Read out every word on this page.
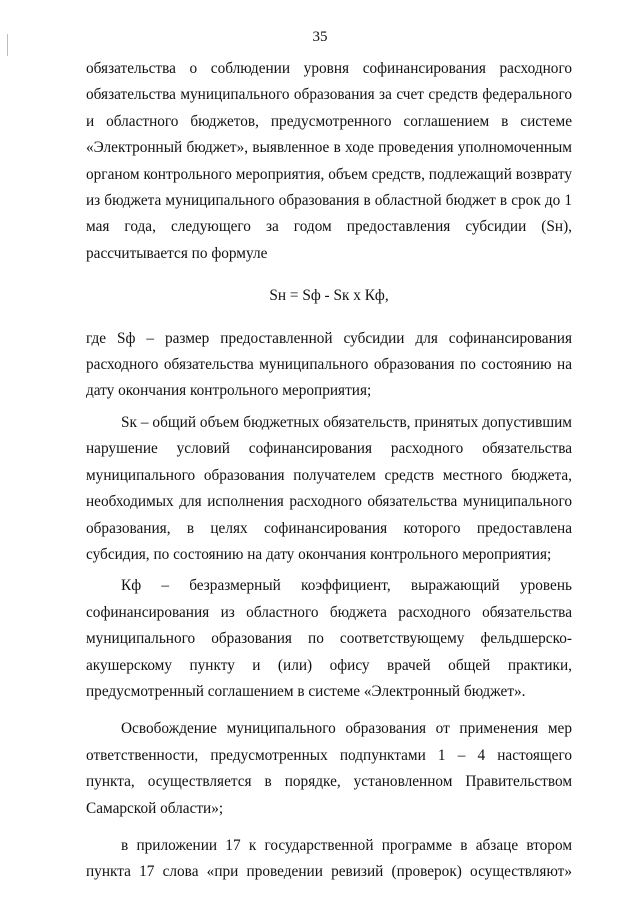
35

обязательства о соблюдении уровня софинансирования расходного обязательства муниципального образования за счет средств федерального и областного бюджетов, предусмотренного соглашением в системе «Электронный бюджет», выявленное в ходе проведения уполномоченным органом контрольного мероприятия, объем средств, подлежащий возврату из бюджета муниципального образования в областной бюджет в срок до 1 мая года, следующего за годом предоставления субсидии (Sн), рассчитывается по формуле

Sн = Sф - Sк х Кф,

где Sф – размер предоставленной субсидии для софинансирования расходного обязательства муниципального образования по состоянию на дату окончания контрольного мероприятия;

Sк – общий объем бюджетных обязательств, принятых допустившим нарушение условий софинансирования расходного обязательства муниципального образования получателем средств местного бюджета, необходимых для исполнения расходного обязательства муниципального образования, в целях софинансирования которого предоставлена субсидия, по состоянию на дату окончания контрольного мероприятия;

Кф – безразмерный коэффициент, выражающий уровень софинансирования из областного бюджета расходного обязательства муниципального образования по соответствующему фельдшерско-акушерскому пункту и (или) офису врачей общей практики, предусмотренный соглашением в системе «Электронный бюджет».

Освобождение муниципального образования от применения мер ответственности, предусмотренных подпунктами 1 – 4 настоящего пункта, осуществляется в порядке, установленном Правительством Самарской области»;

в приложении 17 к государственной программе в абзаце втором пункта 17 слова «при проведении ревизий (проверок) осуществляют»
